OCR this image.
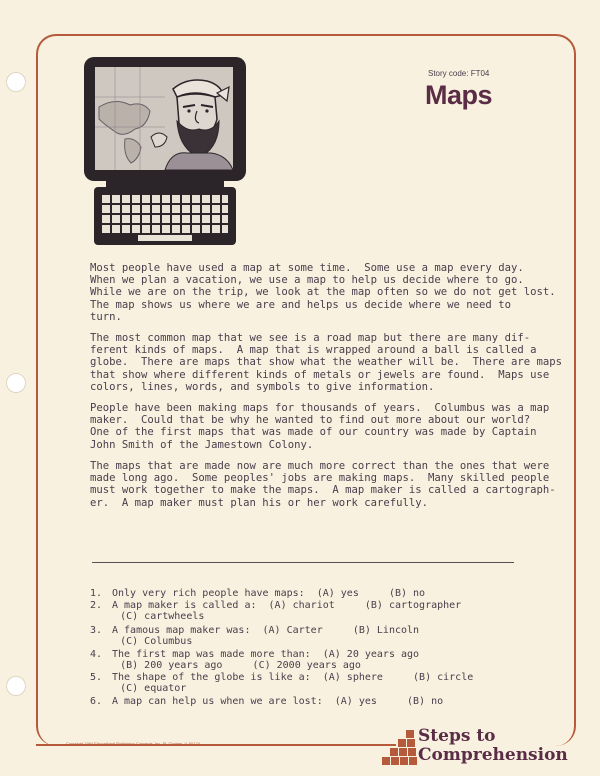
Story code: FT04
Maps
Most people have used a map at some time.  Some use a map every day.
When we plan a vacation, we use a map to help us decide where to go.
While we are on the trip, we look at the map often so we do not get lost.
The map shows us where we are and helps us decide where we need to
turn.
The most common map that we see is a road map but there are many dif-
ferent kinds of maps.  A map that is wrapped around a ball is called a
globe.  There are maps that show what the weather will be.  There are maps
that show where different kinds of metals or jewels are found.  Maps use
colors, lines, words, and symbols to give information.
People have been making maps for thousands of years.  Columbus was a map
maker.  Could that be why he wanted to find out more about our world?
One of the first maps that was made of our country was made by Captain
John Smith of the Jamestown Colony.
The maps that are made now are much more correct than the ones that were
made long ago.  Some peoples' jobs are making maps.  Many skilled people
must work together to make the maps.  A map maker is called a cartograph-
er.  A map maker must plan his or her work carefully.
1. Only very rich people have maps:  (A) yes     (B) no
2. A map maker is called a:  (A) chariot     (B) cartographer
(C) cartwheels
3. A famous map maker was:  (A) Carter     (B) Lincoln
(C) Columbus
4. The first map was made more than:  (A) 20 years ago
(B) 200 years ago     (C) 2000 years ago
5. The shape of the globe is like a:  (A) sphere     (B) circle
(C) equator
6. A map can help us when we are lost:  (A) yes     (B) no
Copyright 1984 Educational Publishing Concepts, Inc. St. Charles, IL 60174	Steps to
Comprehension
